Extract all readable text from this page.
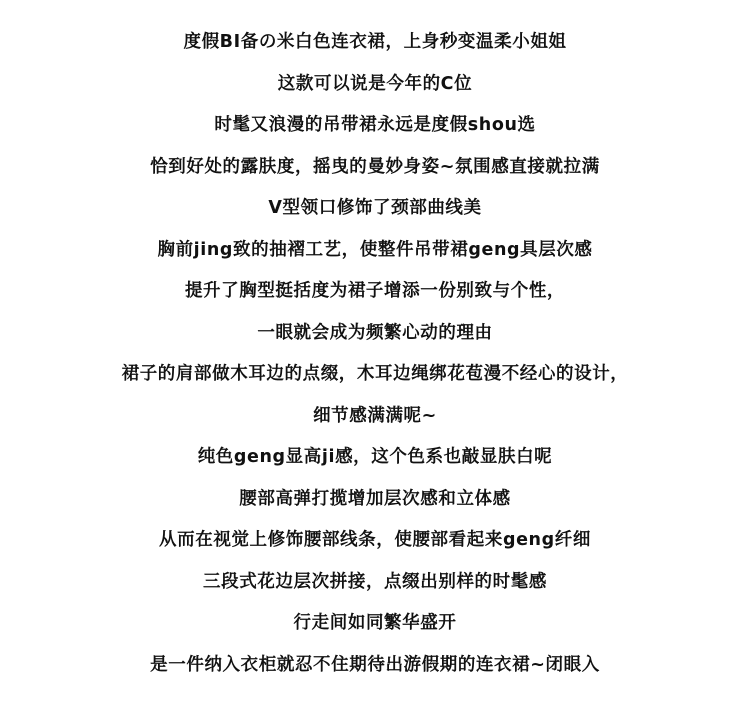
度假BI备の米白色连衣裙，上身秒变温柔小姐姐
这款可以说是今年的C位
时髦又浪漫的吊带裙永远是度假shou选
恰到好处的露肤度，摇曳的曼妙身姿~氛围感直接就拉满
V型领口修饰了颈部曲线美
胸前jing致的抽褶工艺，使整件吊带裙geng具层次感
提升了胸型挺括度为裙子增添一份别致与个性，
一眼就会成为频繁心动的理由
裙子的肩部做木耳边的点缀，木耳边绳绑花苞漫不经心的设计，
细节感满满呢~
纯色geng显高ji感，这个色系也敲显肤白呢
腰部高弹打揽增加层次感和立体感
从而在视觉上修饰腰部线条，使腰部看起来geng纤细
三段式花边层次拼接，点缀出别样的时髦感
行走间如同繁华盛开
是一件纳入衣柜就忍不住期待出游假期的连衣裙~闭眼入
